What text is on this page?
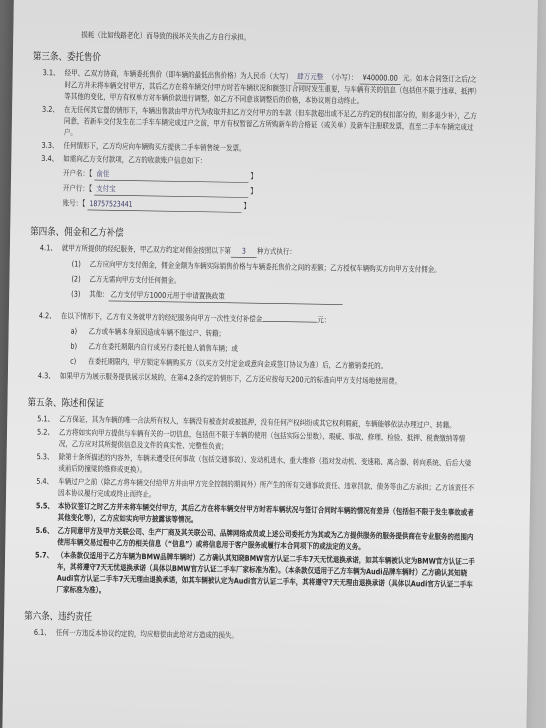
损耗（比如线路老化）而导致的损坏关失由乙方自行承担。
第三条、委托售价
3.1、 经甲、乙双方协商，车辆委托售价（即车辆的最低出售价格）为人民币（大写） 肆万元整 （小写）： ¥40000.00 元。如本合同签订之后/之时乙方并未将车辆交付甲方，其后乙方在将车辆交付甲方时若车辆状况和额签订合同时发生重要，与车辆有关的信息（包括但不限于违章、抵押）等其他的变化，甲方有权单方对车辆价款进行调整，如乙方不同意该调整后的价格，本协议则自动终止。
3.2、 在无任何其它置的情形下，车辆出售款由甲方代为收取并扣乙方交付甲方的车款（但车款超出或不足乙方约定的权扣部分的，则多退少补），乙方同意，若新车交付发生在二手车车辆完成过户之前，甲方有权暂留乙方所购新车的合格证（或关单）及新车注册联发票，直至二手车车辆完成过户。
3.3、 任何情形下，乙方均应向车辆购买方提供二手车销售统一发票。
3.4、 如需向乙方支付款项，乙方的收款账户信息如下：
开户名：【 俞佳	】
开户行：【 支付宝	】
账号：【 18757523441	】
第四条、佣金和乙方补偿
4.1、 就甲方所提供的经纪服务，甲乙双方约定对佣金按照以下第 3 种方式执行：
(1) 乙方应向甲方支付佣金，佣金金额为车辆实际销售价格与车辆委托售价之间的差额；乙方授权车辆购买方向甲方支付佣金。
(2) 乙方无需向甲方支付任何佣金。
(3) 其他： 乙方支付甲方1000元用于申请置换政策
4.2、 在以下情形下，乙方有义务就甲方的经纪服务向甲方一次性支付补偿金	元：
a) 乙方或车辆本身原因造成车辆不能过户、转籍；
b) 乙方在委托期限内自行或另行委托他人销售车辆；或
c) 在委托期限内，甲方锁定车辆购买方（以买方交付定金或意向金或签订协议为准）后，乙方撤销委托的。
4.3、 如果甲方为展示服务提供展示区域的，在第4.2条约定的情形下，乙方还应按每天200元的标准向甲方支付场地使用费。
第五条、陈述和保证
5.1、 乙方保证，其为车辆的唯一合法所有权人，车辆没有被查封或被抵押，没有任何产权纠纷或其它权利瑕疵，车辆能够依法办理过户、转籍。
5.2、 乙方将如实向甲方提供与车辆有关的一切信息，包括但不限于车辆的使用（包括实际公里数）、瑕疵、事故、修理、检验、抵押、税费缴纳等情况，乙方应对其所提供信息及文件的真实性、完整性负责；
5.3、 除第十条所描述的内容外，车辆未遭受任何事故（包括交通事故）、发动机进水、重大维修（指对发动机、变速箱、离合器、转向系统、后后大梁或前后防撞梁的维修或更换）。
5.4、 车辆过户之前（除乙方将车辆交付给甲方并由甲方完全控制的期间外）所产生的所有交通事故责任、违章罚款、债务等由乙方承担；乙方该责任不因本协议履行完成或终止而终止。
5.5、 本协议签订之时乙方并未将车辆交付甲方，其后乙方在将车辆交付甲方时若车辆状况与签订合同时车辆的情况有差异（包括但不限于发生事故或者其他变化等），乙方应如实向甲方披露该等情况。
5.6、 乙方同意甲方及甲方关联公司、生产厂商及其关联公司、品牌网络成员或上述公司委托方为其或为乙方提供服务的服务提供商在专业服务的范围内使用车辆交易过程中乙方的相关信息（“信息”）或将信息用于客户服务或履行本合同项下的或法定的义务。
5.7、 （本条款仅适用于乙方车辆为BMW品牌车辆时）乙方确认其知晓BMW官方认证二手车7天无忧退换承诺，如其车辆被认定为BMW官方认证二手车，其将遵守7天无忧退换承诺（具体以BMW官方认证二手车厂家标准为准）。（本条款仅适用于乙方车辆为Audi品牌车辆时）乙方确认其知晓Audi官方认证二手车7天无理由退换承诺，如其车辆被认定为Audi官方认证二手车，其将遵守7天无理由退换承诺（具体以Audi官方认证二手车厂家标准为准）。
第六条、违约责任
6.1、 任何一方违反本协议约定的，均应赔偿由此给对方造成的损失。
